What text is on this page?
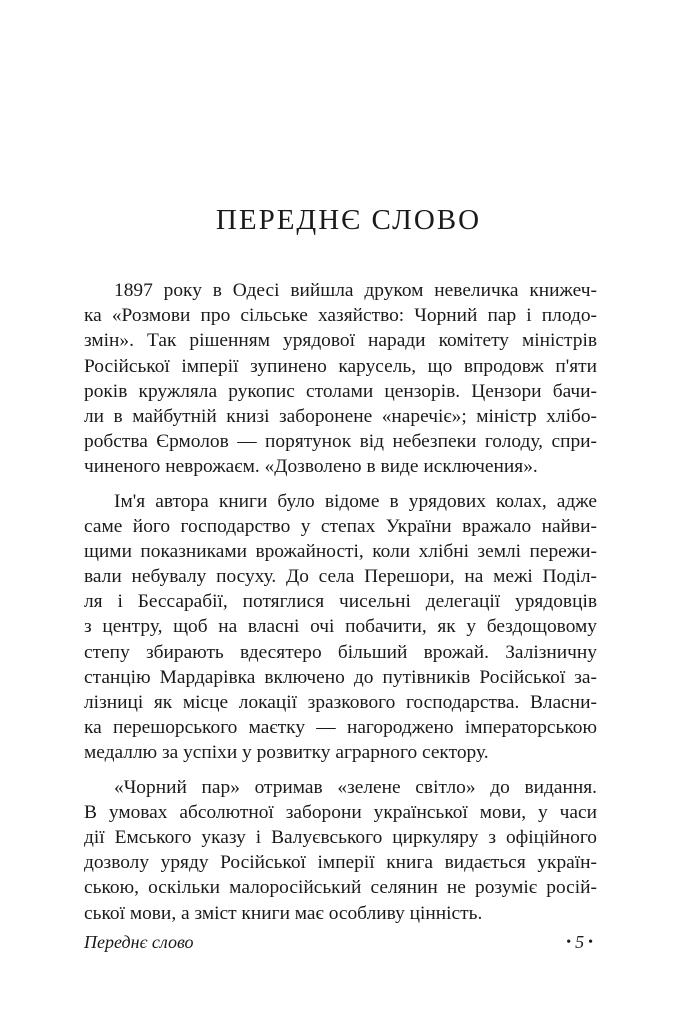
ПЕРЕДНЄ СЛОВО
1897 року в Одесі вийшла друком невеличка книжеч-
ка «Розмови про сільське хазяйство: Чорний пар і плодо-
змін». Так рішенням урядової наради комітету міністрів
Російської імперії зупинено карусель, що впродовж п'яти
років кружляла рукопис столами цензорів. Цензори бачи-
ли в майбутній книзі заборонене «наречіє»; міністр хлібо-
робства Єрмолов — порятунок від небезпеки голоду, спри-
чиненого неврожаєм. «Дозволено в виде исключения».
Ім'я автора книги було відоме в урядових колах, адже
саме його господарство у степах України вражало найви-
щими показниками врожайності, коли хлібні землі пережи-
вали небувалу посуху. До села Перешори, на межі Поділ-
ля і Бессарабії, потяглися чисельні делегації урядовців
з центру, щоб на власні очі побачити, як у бездощовому
степу збирають вдесятеро більший врожай. Залізничну
станцію Мардарівка включено до путівників Російської за-
лізниці як місце локації зразкового господарства. Власни-
ка перешорського маєтку — нагороджено імператорською
медаллю за успіхи у розвитку аграрного сектору.
«Чорний пар» отримав «зелене світло» до видання.
В умовах абсолютної заборони української мови, у часи
дії Емського указу і Валуєвського циркуляру з офіційного
дозволу уряду Російської імперії книга видається україн-
ською, оскільки малоросійський селянин не розуміє росій-
ської мови, а зміст книги має особливу цінність.
Переднє слово	• 5 •
